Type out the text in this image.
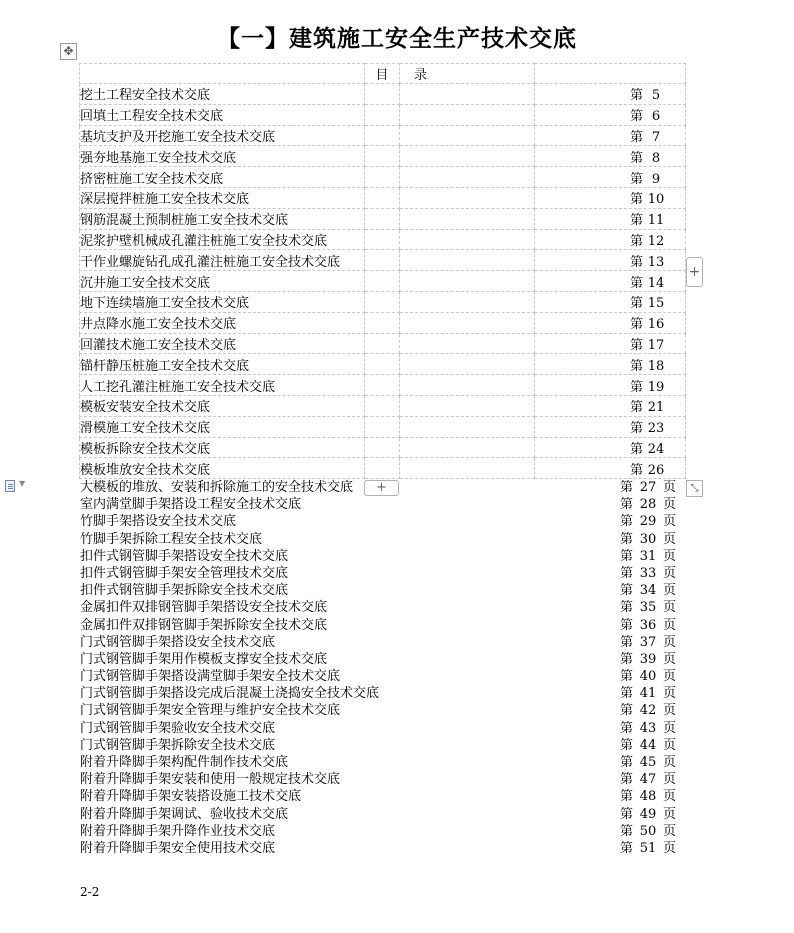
【一】建筑施工安全生产技术交底
✥
	目	录	
挖土工程安全技术交底			第 5
回填土工程安全技术交底			第 6
基坑支护及开挖施工安全技术交底			第 7
强夯地基施工安全技术交底			第 8
挤密桩施工安全技术交底			第 9
深层搅拌桩施工安全技术交底			第 10
钢筋混凝土预制桩施工安全技术交底			第 11
泥浆护壁机械成孔灌注桩施工安全技术交底			第 12
干作业螺旋钻孔成孔灌注桩施工安全技术交底			第 13
沉井施工安全技术交底			第 14
地下连续墙施工安全技术交底			第 15
井点降水施工安全技术交底			第 16
回灌技术施工安全技术交底			第 17
锚杆静压桩施工安全技术交底			第 18
人工挖孔灌注桩施工安全技术交底			第 19
模板安装安全技术交底			第 21
滑模施工安全技术交底			第 23
模板拆除安全技术交底			第 24
模板堆放安全技术交底			第 26
+
+	⤡
▼	大模板的堆放、安装和拆除施工的安全技术交底	第 27 页
室内满堂脚手架搭设工程安全技术交底	第 28 页
竹脚手架搭设安全技术交底	第 29 页
竹脚手架拆除工程安全技术交底	第 30 页
扣件式钢管脚手架搭设安全技术交底	第 31 页
扣件式钢管脚手架安全管理技术交底	第 33 页
扣件式钢管脚手架拆除安全技术交底	第 34 页
金属扣件双排钢管脚手架搭设安全技术交底	第 35 页
金属扣件双排钢管脚手架拆除安全技术交底	第 36 页
门式钢管脚手架搭设安全技术交底	第 37 页
门式钢管脚手架用作模板支撑安全技术交底	第 39 页
门式钢管脚手架搭设满堂脚手架安全技术交底	第 40 页
门式钢管脚手架搭设完成后混凝土浇捣安全技术交底	第 41 页
门式钢管脚手架安全管理与维护安全技术交底	第 42 页
门式钢管脚手架验收安全技术交底	第 43 页
门式钢管脚手架拆除安全技术交底	第 44 页
附着升降脚手架构配件制作技术交底	第 45 页
附着升降脚手架安装和使用一般规定技术交底	第 47 页
附着升降脚手架安装搭设施工技术交底	第 48 页
附着升降脚手架调试、验收技术交底	第 49 页
附着升降脚手架升降作业技术交底	第 50 页
附着升降脚手架安全使用技术交底	第 51 页
2-2
